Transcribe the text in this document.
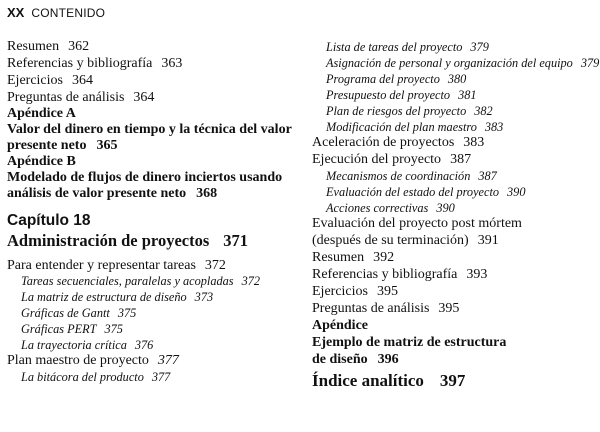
XX CONTENIDO
Resumen 362
Referencias y bibliografía 363
Ejercicios 364
Preguntas de análisis 364
Apéndice A
Valor del dinero en tiempo y la técnica del valor
presente neto 365
Apéndice B
Modelado de flujos de dinero inciertos usando
análisis de valor presente neto 368
Capítulo 18
Administración de proyectos 371
Para entender y representar tareas 372
Tareas secuenciales, paralelas y acopladas 372
La matriz de estructura de diseño 373
Gráficas de Gantt 375
Gráficas PERT 375
La trayectoria crítica 376
Plan maestro de proyecto 377
La bitácora del producto 377
Lista de tareas del proyecto 379
Asignación de personal y organización del equipo 379
Programa del proyecto 380
Presupuesto del proyecto 381
Plan de riesgos del proyecto 382
Modificación del plan maestro 383
Aceleración de proyectos 383
Ejecución del proyecto 387
Mecanismos de coordinación 387
Evaluación del estado del proyecto 390
Acciones correctivas 390
Evaluación del proyecto post mórtem
(después de su terminación) 391
Resumen 392
Referencias y bibliografía 393
Ejercicios 395
Preguntas de análisis 395
Apéndice
Ejemplo de matriz de estructura
de diseño 396
Índice analítico 397
